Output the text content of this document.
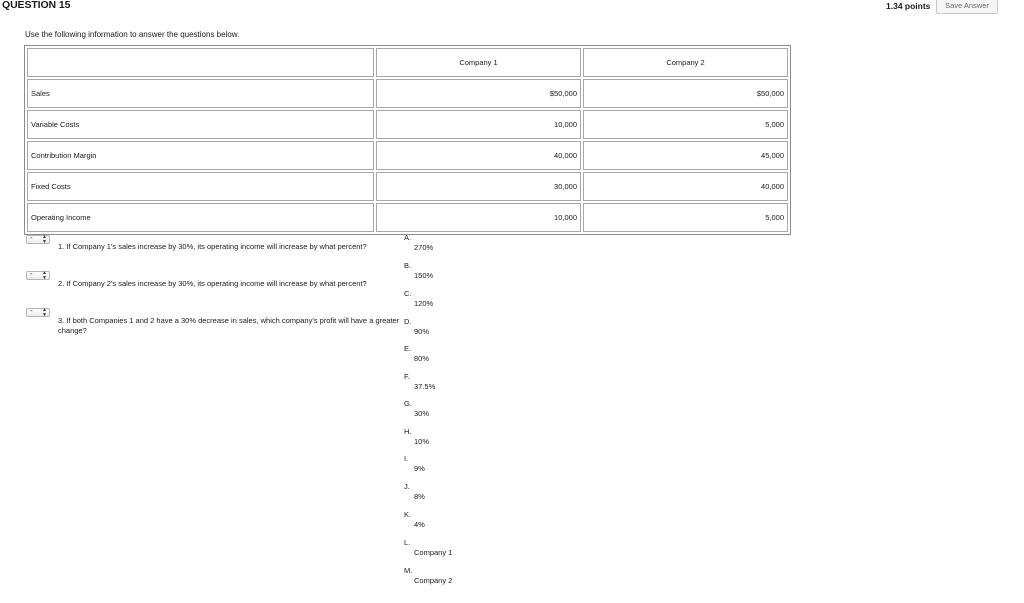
QUESTION 15	1.34 points	Save Answer
Use the following information to answer the questions below.
	Company 1	Company 2
Sales	$50,000	$50,000
Variable Costs	10,000	5,000
Contribution Margin	40,000	45,000
Fixed Costs	30,000	40,000
Operating Income	10,000	5,000
- ▲
▼ 1. If Company 1's sales increase by 30%, its operating income will increase by what percent?
- ▲
▼
2. If Company 2's sales increase by 30%, its operating income will increase by what percent?
- ▲
▼
3. If both Companies 1 and 2 have a 30% decrease in sales, which company's profit will have a greater change?
A.
270%
B.
150%
C.
120%
D.
90%
E.
80%
F.
37.5%
G.
30%
H.
10%
I.
9%
J.
8%
K.
4%
L.
Company 1
M.
Company 2
